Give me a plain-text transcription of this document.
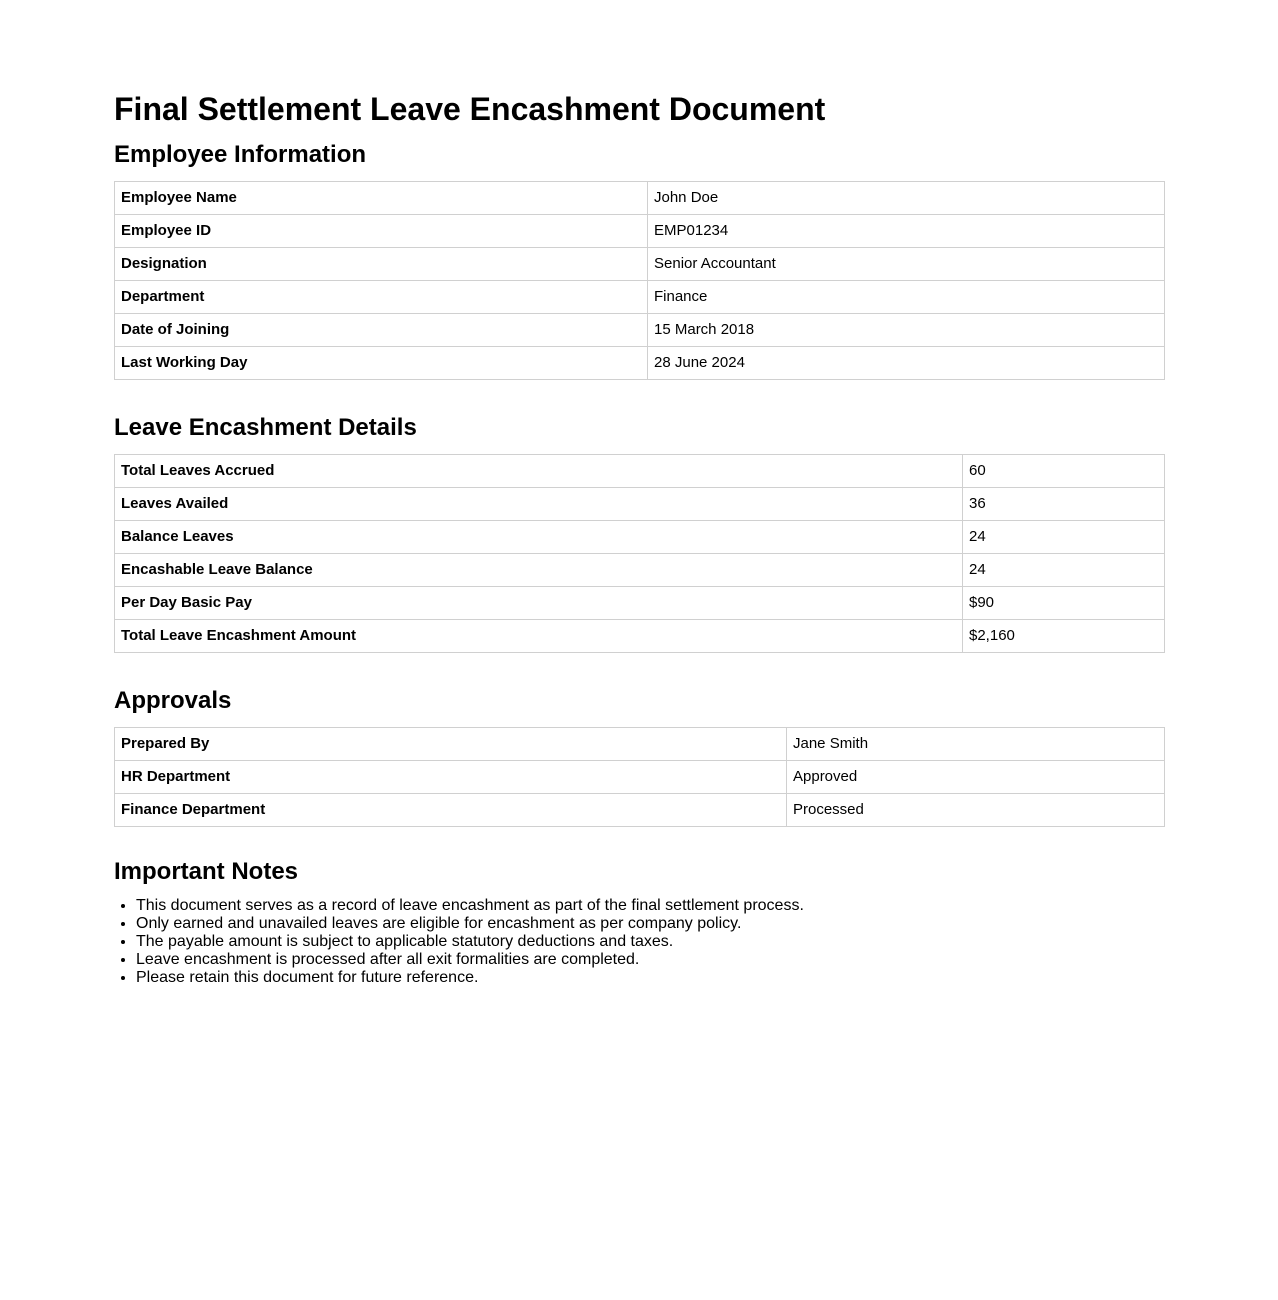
Final Settlement Leave Encashment Document
Employee Information
Employee Name	John Doe
Employee ID	EMP01234
Designation	Senior Accountant
Department	Finance
Date of Joining	15 March 2018
Last Working Day	28 June 2024
Leave Encashment Details
Total Leaves Accrued	60
Leaves Availed	36
Balance Leaves	24
Encashable Leave Balance	24
Per Day Basic Pay	$90
Total Leave Encashment Amount	$2,160
Approvals
Prepared By	Jane Smith
HR Department	Approved
Finance Department	Processed
Important Notes
• This document serves as a record of leave encashment as part of the final settlement process.
• Only earned and unavailed leaves are eligible for encashment as per company policy.
• The payable amount is subject to applicable statutory deductions and taxes.
• Leave encashment is processed after all exit formalities are completed.
• Please retain this document for future reference.
